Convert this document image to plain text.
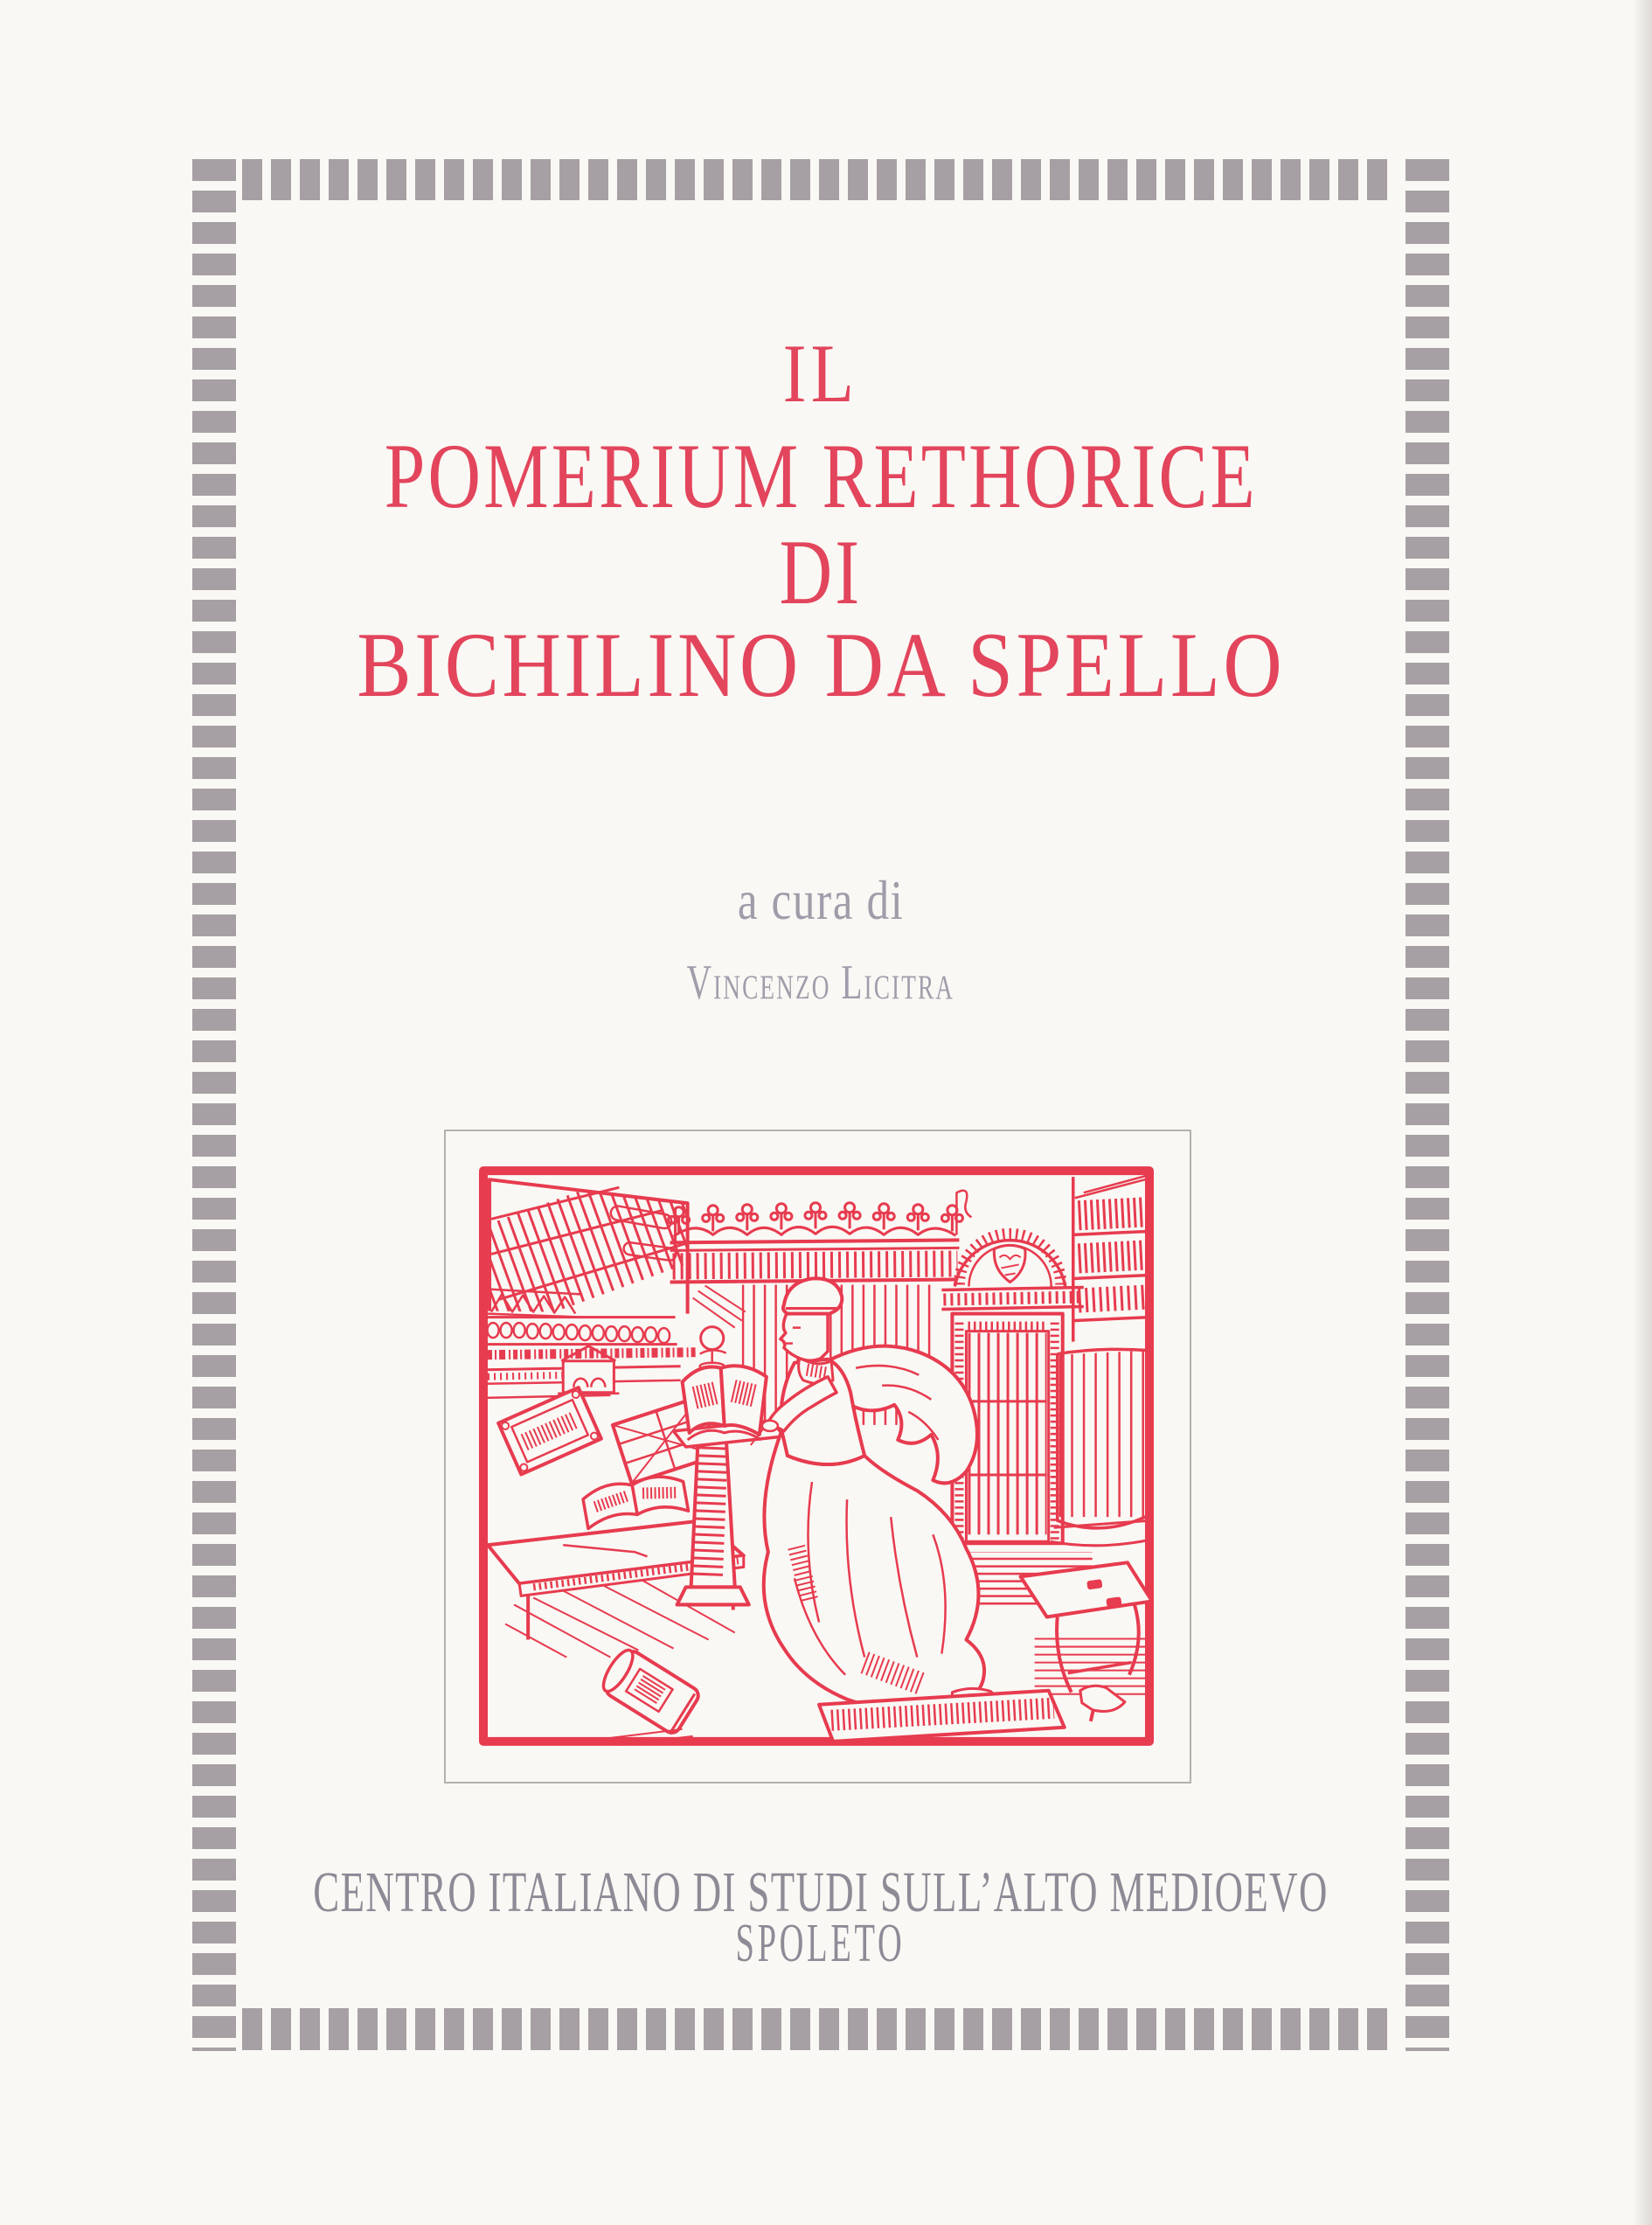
IL
POMERIUM RETHORICE
DI
BICHILINO DA SPELLO
a cura di
Vincenzo Licitra
CENTRO ITALIANO DI STUDI SULL’ALTO MEDIOEVO
SPOLETO
